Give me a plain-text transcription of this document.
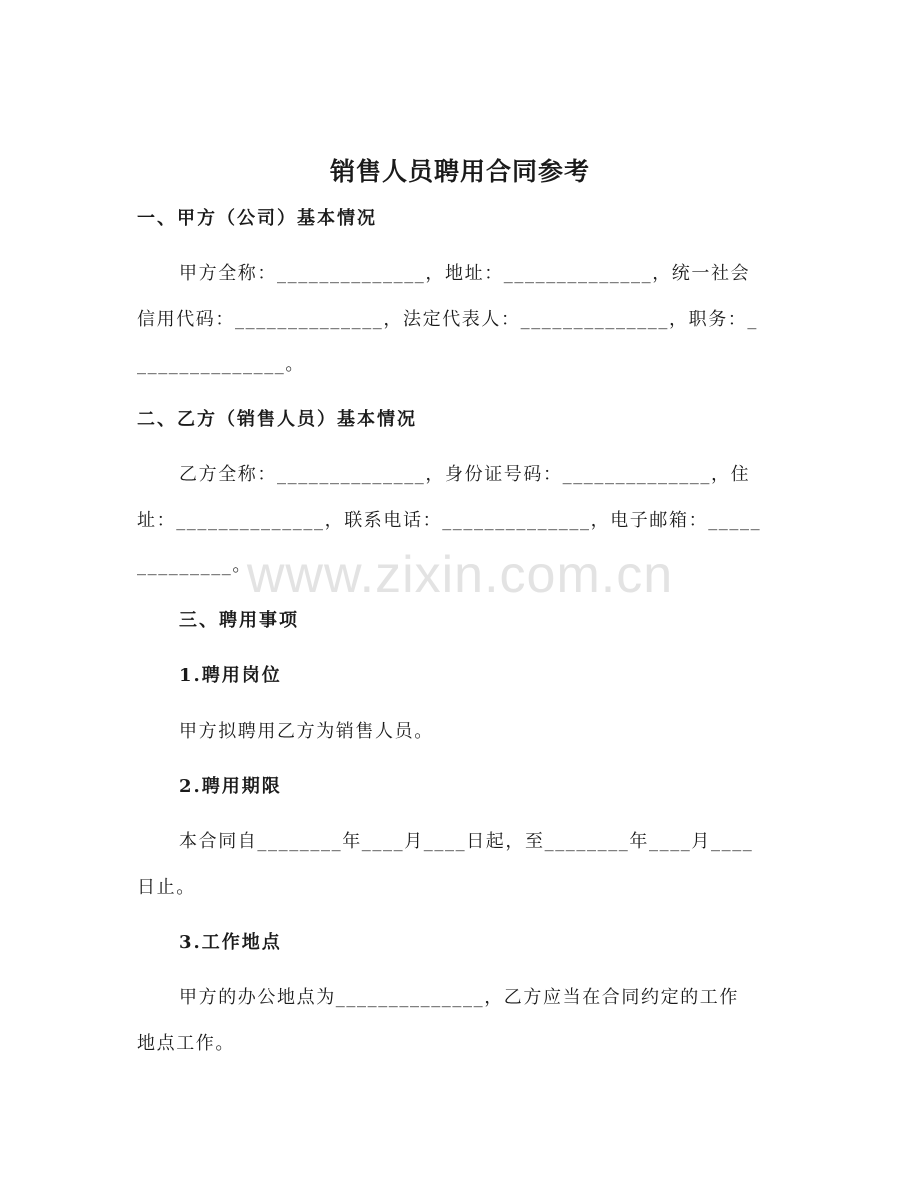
销售人员聘用合同参考
一、甲方（公司）基本情况
甲方全称：______________，地址：______________，统一社会
信用代码：______________，法定代表人：______________，职务：_
______________。
二、乙方（销售人员）基本情况
乙方全称：______________，身份证号码：______________，住
址：______________，联系电话：______________，电子邮箱：_____
_________。
三、聘用事项
1.聘用岗位
甲方拟聘用乙方为销售人员。
2.聘用期限
本合同自________年____月____日起，至________年____月____
日止。
3.工作地点
甲方的办公地点为______________，乙方应当在合同约定的工作
地点工作。
www.zixin.com.cn
